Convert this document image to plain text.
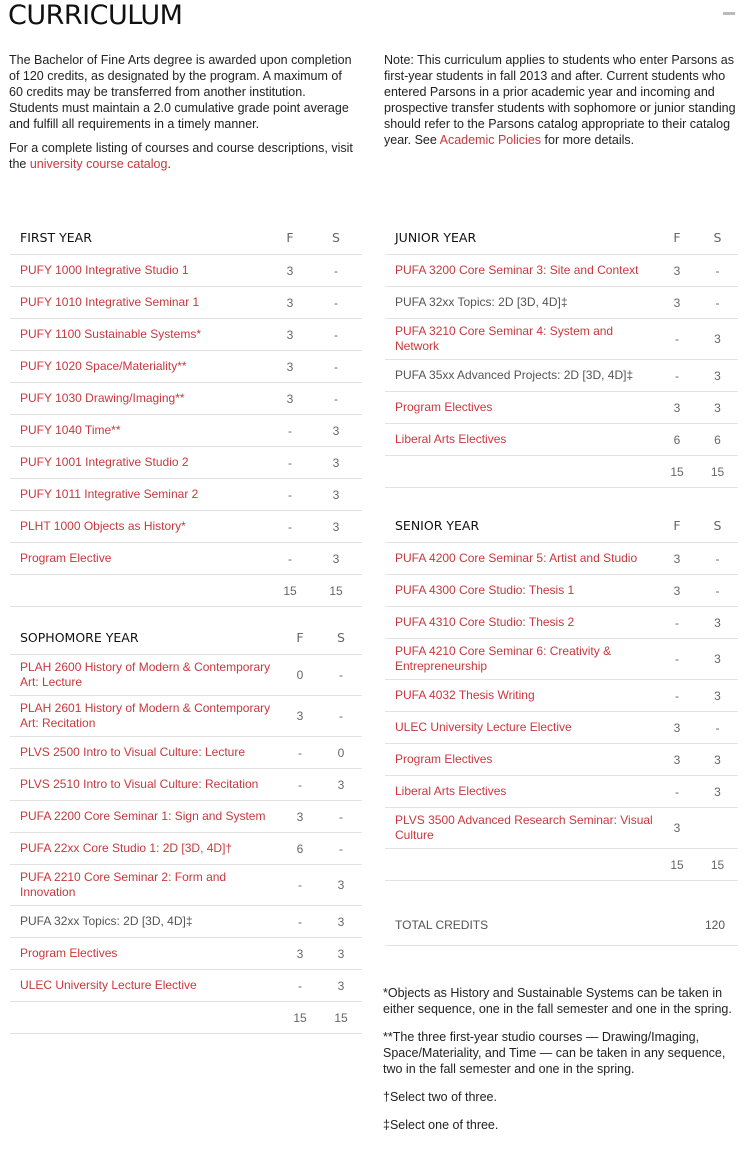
CURRICULUM

The Bachelor of Fine Arts degree is awarded upon completion of 120 credits, as designated by the program. A maximum of 60 credits may be transferred from another institution. Students must maintain a 2.0 cumulative grade point average and fulfill all requirements in a timely manner.

For a complete listing of courses and course descriptions, visit the university course catalog.

Note: This curriculum applies to students who enter Parsons as first-year students in fall 2013 and after. Current students who entered Parsons in a prior academic year and incoming and prospective transfer students with sophomore or junior standing should refer to the Parsons catalog appropriate to their catalog year. See Academic Policies for more details.

FIRST YEAR	F	S
PUFY 1000 Integrative Studio 1	3	-
PUFY 1010 Integrative Seminar 1	3	-
PUFY 1100 Sustainable Systems*	3	-
PUFY 1020 Space/Materiality**	3	-
PUFY 1030 Drawing/Imaging**	3	-
PUFY 1040 Time**	-	3
PUFY 1001 Integrative Studio 2	-	3
PUFY 1011 Integrative Seminar 2	-	3
PLHT 1000 Objects as History*	-	3
Program Elective	-	3
15	15
SOPHOMORE YEAR	F	S
PLAH 2600 History of Modern & Contemporary Art: Lecture	0	-
PLAH 2601 History of Modern & Contemporary Art: Recitation	3	-
PLVS 2500 Intro to Visual Culture: Lecture	-	0
PLVS 2510 Intro to Visual Culture: Recitation	-	3
PUFA 2200 Core Seminar 1: Sign and System	3	-
PUFA 22xx Core Studio 1: 2D [3D, 4D]†	6	-
PUFA 2210 Core Seminar 2: Form and Innovation	-	3
PUFA 32xx Topics: 2D [3D, 4D]‡	-	3
Program Electives	3	3
ULEC University Lecture Elective	-	3
15	15
JUNIOR YEAR	F	S
PUFA 3200 Core Seminar 3: Site and Context	3	-
PUFA 32xx Topics: 2D [3D, 4D]‡	3	-
PUFA 3210 Core Seminar 4: System and Network	-	3
PUFA 35xx Advanced Projects: 2D [3D, 4D]‡	-	3
Program Electives	3	3
Liberal Arts Electives	6	6
15	15
SENIOR YEAR	F	S
PUFA 4200 Core Seminar 5: Artist and Studio	3	-
PUFA 4300 Core Studio: Thesis 1	3	-
PUFA 4310 Core Studio: Thesis 2	-	3
PUFA 4210 Core Seminar 6: Creativity & Entrepreneurship	-	3
PUFA 4032 Thesis Writing	-	3
ULEC University Lecture Elective	3	-
Program Electives	3	3
Liberal Arts Electives	-	3
PLVS 3500 Advanced Research Seminar: Visual Culture	3
15	15
TOTAL CREDITS	120

*Objects as History and Sustainable Systems can be taken in either sequence, one in the fall semester and one in the spring.

**The three first-year studio courses — Drawing/Imaging, Space/Materiality, and Time — can be taken in any sequence, two in the fall semester and one in the spring.

†Select two of three.

‡Select one of three.
